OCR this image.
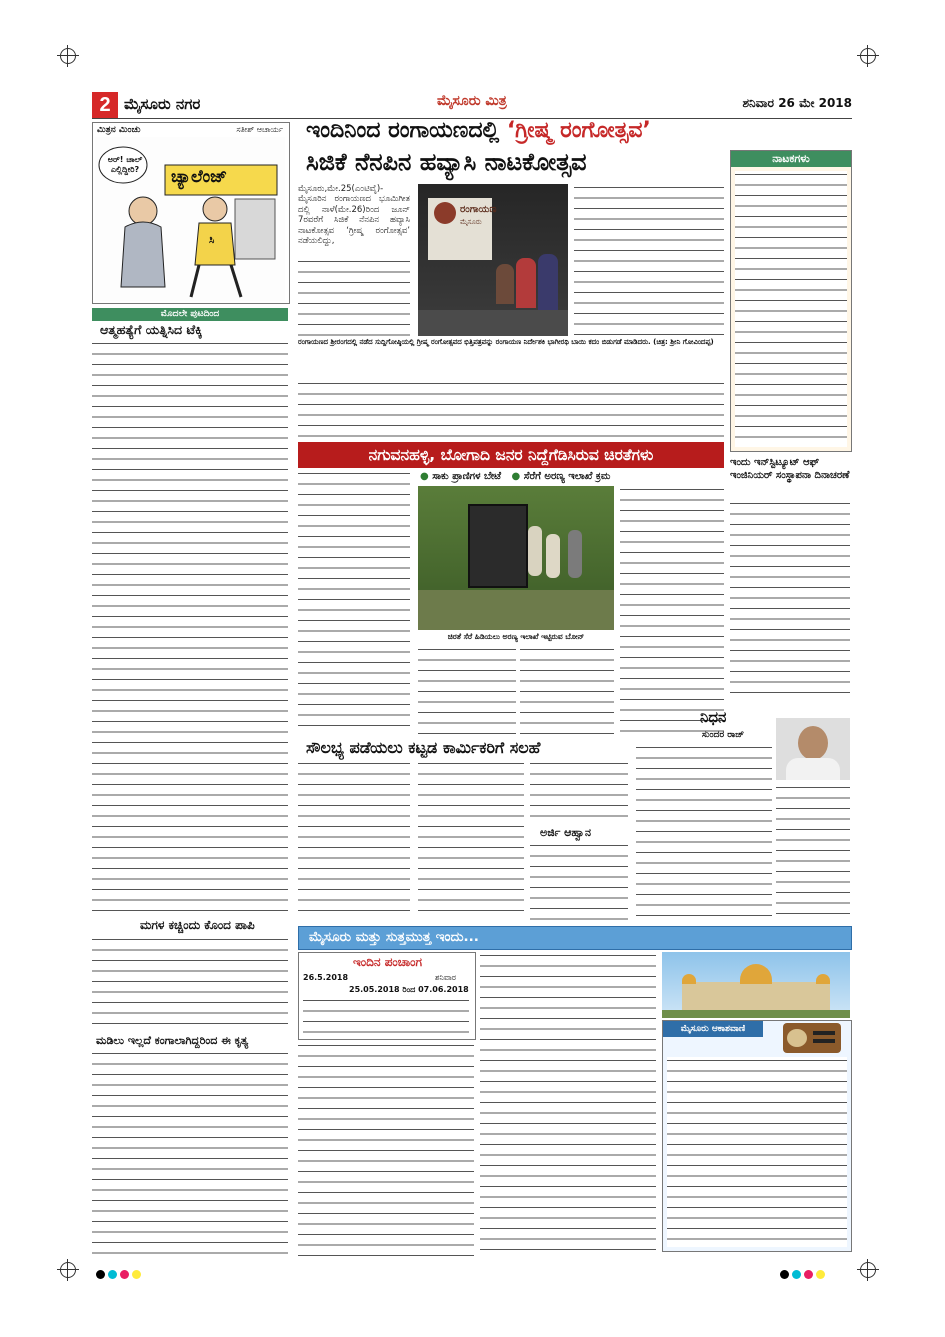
2 ಮೈಸೂರು ನಗರ	ಮೈಸೂರು ಮಿತ್ರ	ಶನಿವಾರ 26 ಮೇ 2018
ಮಿತ್ರನ ಮಿಂಚು	ಸತೀಶ್ ಆಚಾರ್ಯ
ಅರ್‌! ಚಾಲ್‌ ಎಲ್ಲಿದ್ದೀರಿ?	ಚ್ಯಾಲೆಂಜ್
ಸಿ
ಮೊದಲೇ ಪುಟದಿಂದ
ಆತ್ಮಹತ್ಯೆಗೆ ಯತ್ನಿಸಿದ ಟೆಕ್ಕಿ
ಮಗಳ ಕಚ್ಚಿಂದು ಕೊಂದ ಪಾಪಿ
ಮಡಿಲು ಇಲ್ಲದೆ ಕಂಗಾಲಾಗಿದ್ದರಿಂದ ಈ ಕೃತ್ಯ
ಇಂದಿನಿಂದ ರಂಗಾಯಣದಲ್ಲಿ ‘ಗ್ರೀಷ್ಮ ರಂಗೋತ್ಸವ’
ಸಿಜಿಕೆ ನೆನಪಿನ ಹವ್ಯಾಸಿ ನಾಟಕೋತ್ಸವ
ಮೈಸೂರು,ಮೇ.25(ಎಂಟಿವೈ)- ಮೈಸೂರಿನ ರಂಗಾಯಣದ ಭೂಮಿಗೀತ ದಲ್ಲಿ ನಾಳೆ(ಮೇ.26)ರಿಂದ ಜೂನ್ 7ರವರೆಗೆ ಸಿಜಿಕೆ ನೆನಪಿನ ಹವ್ಯಾಸಿ ನಾಟಕೋತ್ಸವ ‘ಗ್ರೀಷ್ಮ ರಂಗೋತ್ಸವ’ ನಡೆಯಲಿದ್ದು,
ರಂಗಾಯಣ
ಮೈಸೂರು
ರಂಗಾಯಣದ ಶ್ರೀರಂಗದಲ್ಲಿ ನಡೆದ ಸುದ್ದಿಗೋಷ್ಠಿಯಲ್ಲಿ ಗ್ರೀಷ್ಮ ರಂಗೋತ್ಸವದ ಭಿತ್ತಿಪತ್ರವನ್ನು ರಂಗಾಯಣ ನಿರ್ದೇಶಕಿ ಭಾಗೀರಥಿ ಬಾಯಿ ಕದಂ ಬಿಡುಗಡೆ ಮಾಡಿದರು. (ಚಿತ್ರ: ಶ್ರೀನಿ ಗೋವಿಂದಪ್ಪ)
ನಾಟಕಗಳು
ನಗುವನಹಳ್ಳಿ, ಬೋಗಾದಿ ಜನರ ನಿದ್ದೆಗೆಡಿಸಿರುವ ಚಿರತೆಗಳು
● ಸಾಕು ಪ್ರಾಣಿಗಳ ಬೇಟೆ ● ಸೆರೆಗೆ ಅರಣ್ಯ ಇಲಾಖೆ ಕ್ರಮ
ಚಿರತೆ ಸೆರೆ ಹಿಡಿಯಲು ಅರಣ್ಯ ಇಲಾಖೆ ಇಟ್ಟಿರುವ ಬೋನ್
ಇಂದು ಇನ್‌ಸ್ಟಿಟ್ಯೂಟ್ ಆಫ್ ಇಂಜಿನಿಯರ್ ಸಂಸ್ಥಾಪನಾ ದಿನಾಚರಣೆ
ಸೌಲಭ್ಯ ಪಡೆಯಲು ಕಟ್ಟಡ ಕಾರ್ಮಿಕರಿಗೆ ಸಲಹೆ
ಅರ್ಜಿ ಆಹ್ವಾನ
ನಿಧನ
ಸುಂದರ ರಾಜ್
ಮೈಸೂರು ಮತ್ತು ಸುತ್ತಮುತ್ತ ಇಂದು...
ಇಂದಿನ ಪಂಚಾಂಗ
26.5.2018	ಶನಿವಾರ
25.05.2018 ರಿಂದ 07.06.2018
ಮೈಸೂರು ಆಕಾಶವಾಣಿ
